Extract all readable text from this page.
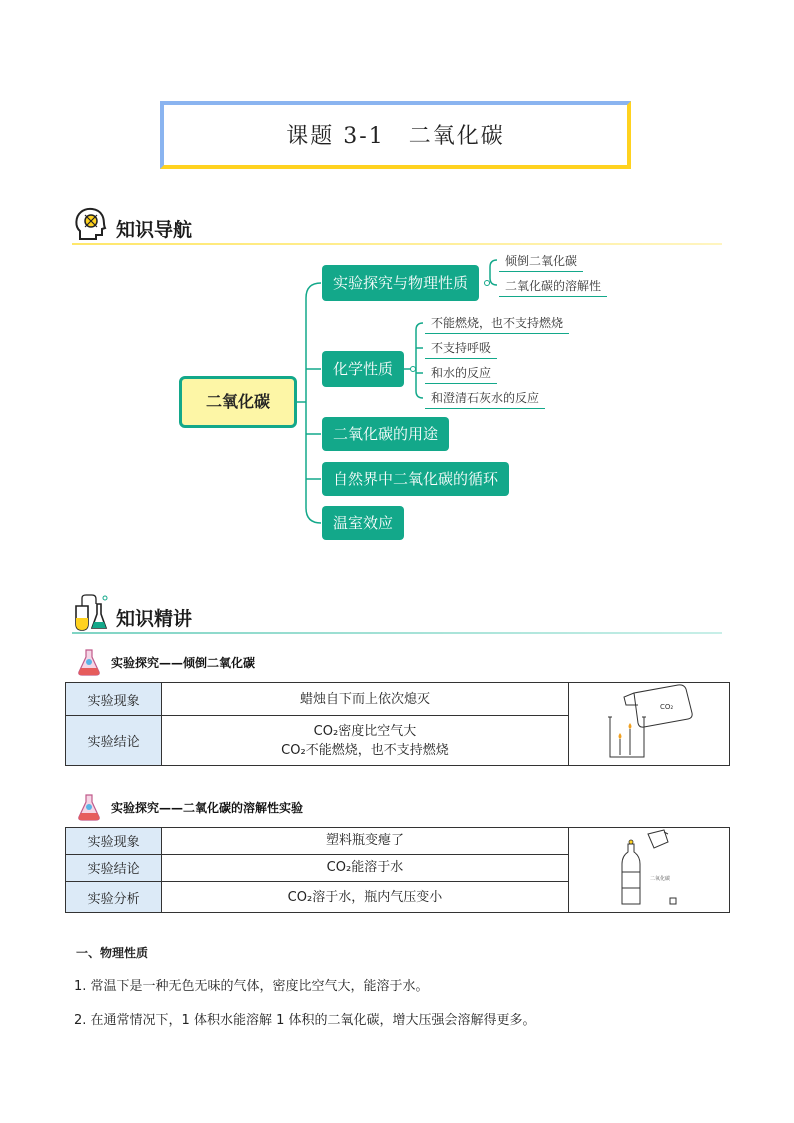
课题 3-1　二氧化碳
知识导航
二氧化碳
实验探究与物理性质
化学性质
二氧化碳的用途
自然界中二氧化碳的循环
温室效应
倾倒二氧化碳
二氧化碳的溶解性
不能燃烧，也不支持燃烧
不支持呼吸
和水的反应
和澄清石灰水的反应
知识精讲
实验探究——倾倒二氧化碳
实验现象	蜡烛自下而上依次熄灭	CO₂

实验结论	CO₂密度比空气大
CO₂不能燃烧，也不支持燃烧	
实验探究——二氧化碳的溶解性实验
实验现象	塑料瓶变瘪了	二氧化碳

实验结论	CO₂能溶于水	

实验分析	CO₂溶于水，瓶内气压变小	
一、物理性质
1. 常温下是一种无色无味的气体，密度比空气大，能溶于水。
2. 在通常情况下，1 体积水能溶解 1 体积的二氧化碳，增大压强会溶解得更多。
